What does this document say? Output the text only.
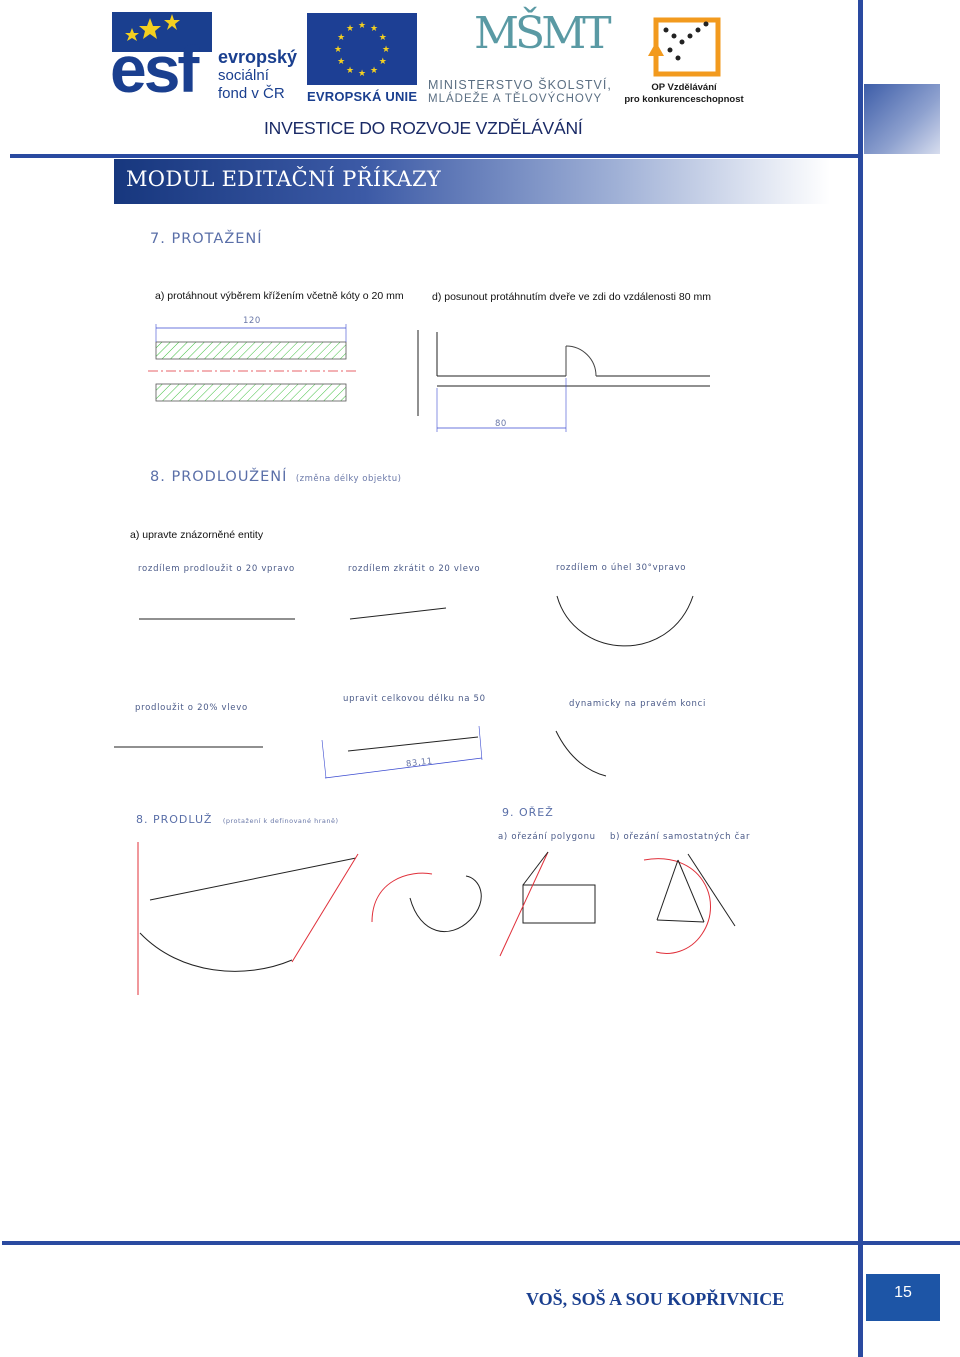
esf evropský
sociální
fond v ČR
★
★
★
★
★
★
★
★
★ ★ ★
★
EVROPSKÁ UNIE
MŠMT
MINISTERSTVO ŠKOLSTVÍ,
MLÁDEŽE A TĚLOVÝCHOVY
OP Vzdělávání
pro konkurenceschopnost
INVESTICE DO ROZVOJE VZDĚLÁVÁNÍ
MODUL EDITAČNÍ PŘÍKAZY
7. PROTAŽENÍ
a) protáhnout výběrem křížením včetně kóty o 20 mm	d) posunout protáhnutím dveře ve zdi do vzdálenosti 80 mm
120
80
8. PRODLOUŽENÍ (změna délky objektu)
a) upravte znázorněné entity
rozdílem prodloužit o 20 vpravo	rozdílem zkrátit o 20 vlevo	rozdílem o úhel 30°vpravo
prodloužit o 20% vlevo
upravit celkovou délku na 50	dynamicky na pravém konci
83,11
8. PRODLUŽ (protažení k definované hraně)
9. OŘEŽ
a) ořezání polygonu b) ořezání samostatných čar
VOŠ, SOŠ A SOU KOPŘIVNICE	15
